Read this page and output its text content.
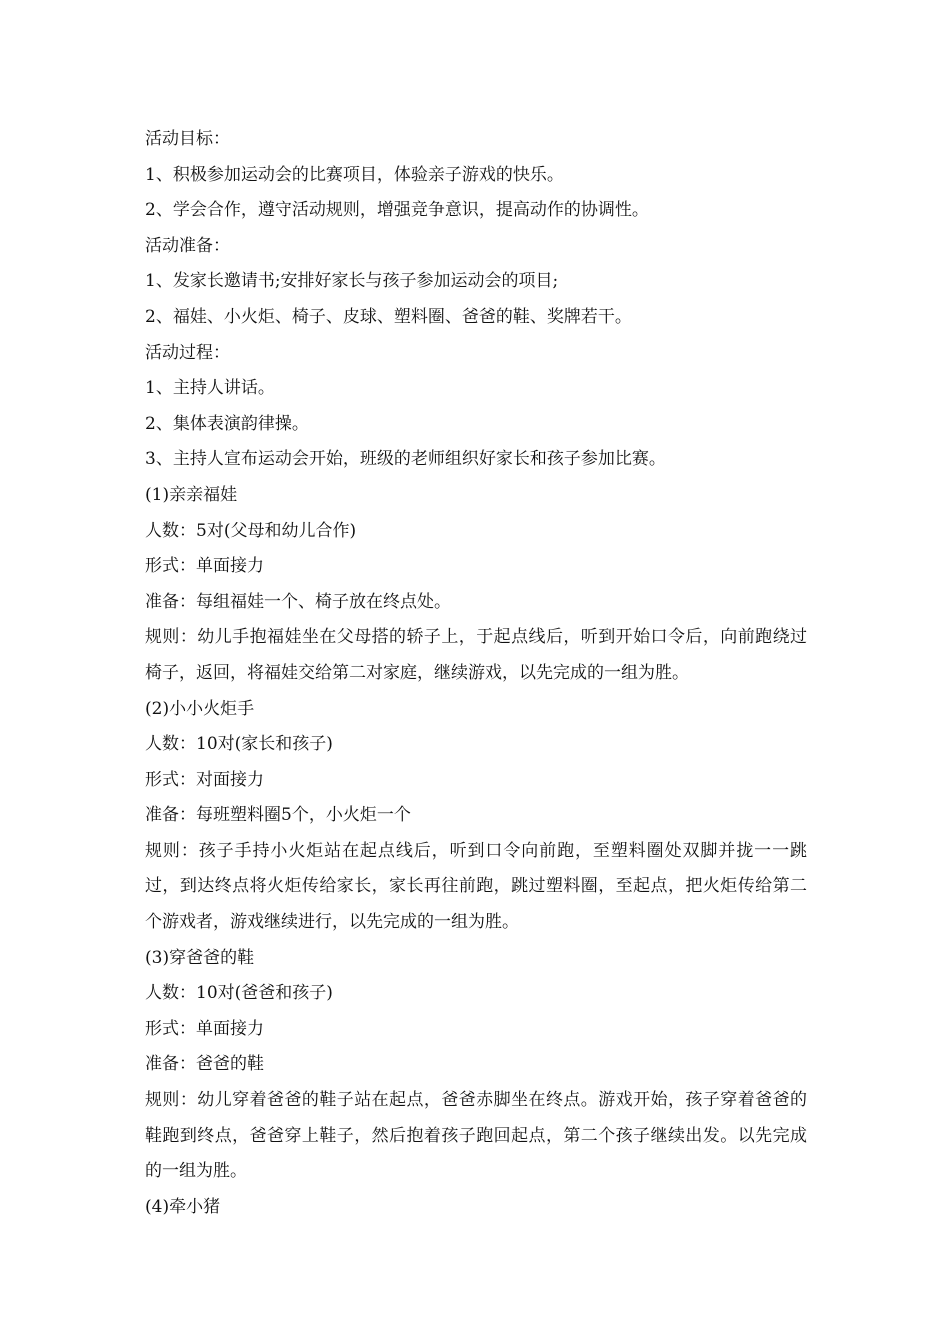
活动目标：

1、积极参加运动会的比赛项目，体验亲子游戏的快乐。

2、学会合作，遵守活动规则，增强竞争意识，提高动作的协调性。

活动准备：

1、发家长邀请书;安排好家长与孩子参加运动会的项目;

2、福娃、小火炬、椅子、皮球、塑料圈、爸爸的鞋、奖牌若干。

活动过程：

1、主持人讲话。

2、集体表演韵律操。

3、主持人宣布运动会开始，班级的老师组织好家长和孩子参加比赛。

(1)亲亲福娃

人数：5对(父母和幼儿合作)

形式：单面接力

准备：每组福娃一个、椅子放在终点处。

规则：幼儿手抱福娃坐在父母搭的轿子上，于起点线后，听到开始口令后，向前跑绕过椅子，返回，将福娃交给第二对家庭，继续游戏，以先完成的一组为胜。

(2)小小火炬手

人数：10对(家长和孩子)

形式：对面接力

准备：每班塑料圈5个，小火炬一个

规则：孩子手持小火炬站在起点线后，听到口令向前跑，至塑料圈处双脚并拢一一跳过，到达终点将火炬传给家长，家长再往前跑，跳过塑料圈，至起点，把火炬传给第二个游戏者，游戏继续进行，以先完成的一组为胜。

(3)穿爸爸的鞋

人数：10对(爸爸和孩子)

形式：单面接力

准备：爸爸的鞋

规则：幼儿穿着爸爸的鞋子站在起点，爸爸赤脚坐在终点。游戏开始，孩子穿着爸爸的鞋跑到终点，爸爸穿上鞋子，然后抱着孩子跑回起点，第二个孩子继续出发。以先完成的一组为胜。

(4)牵小猪
